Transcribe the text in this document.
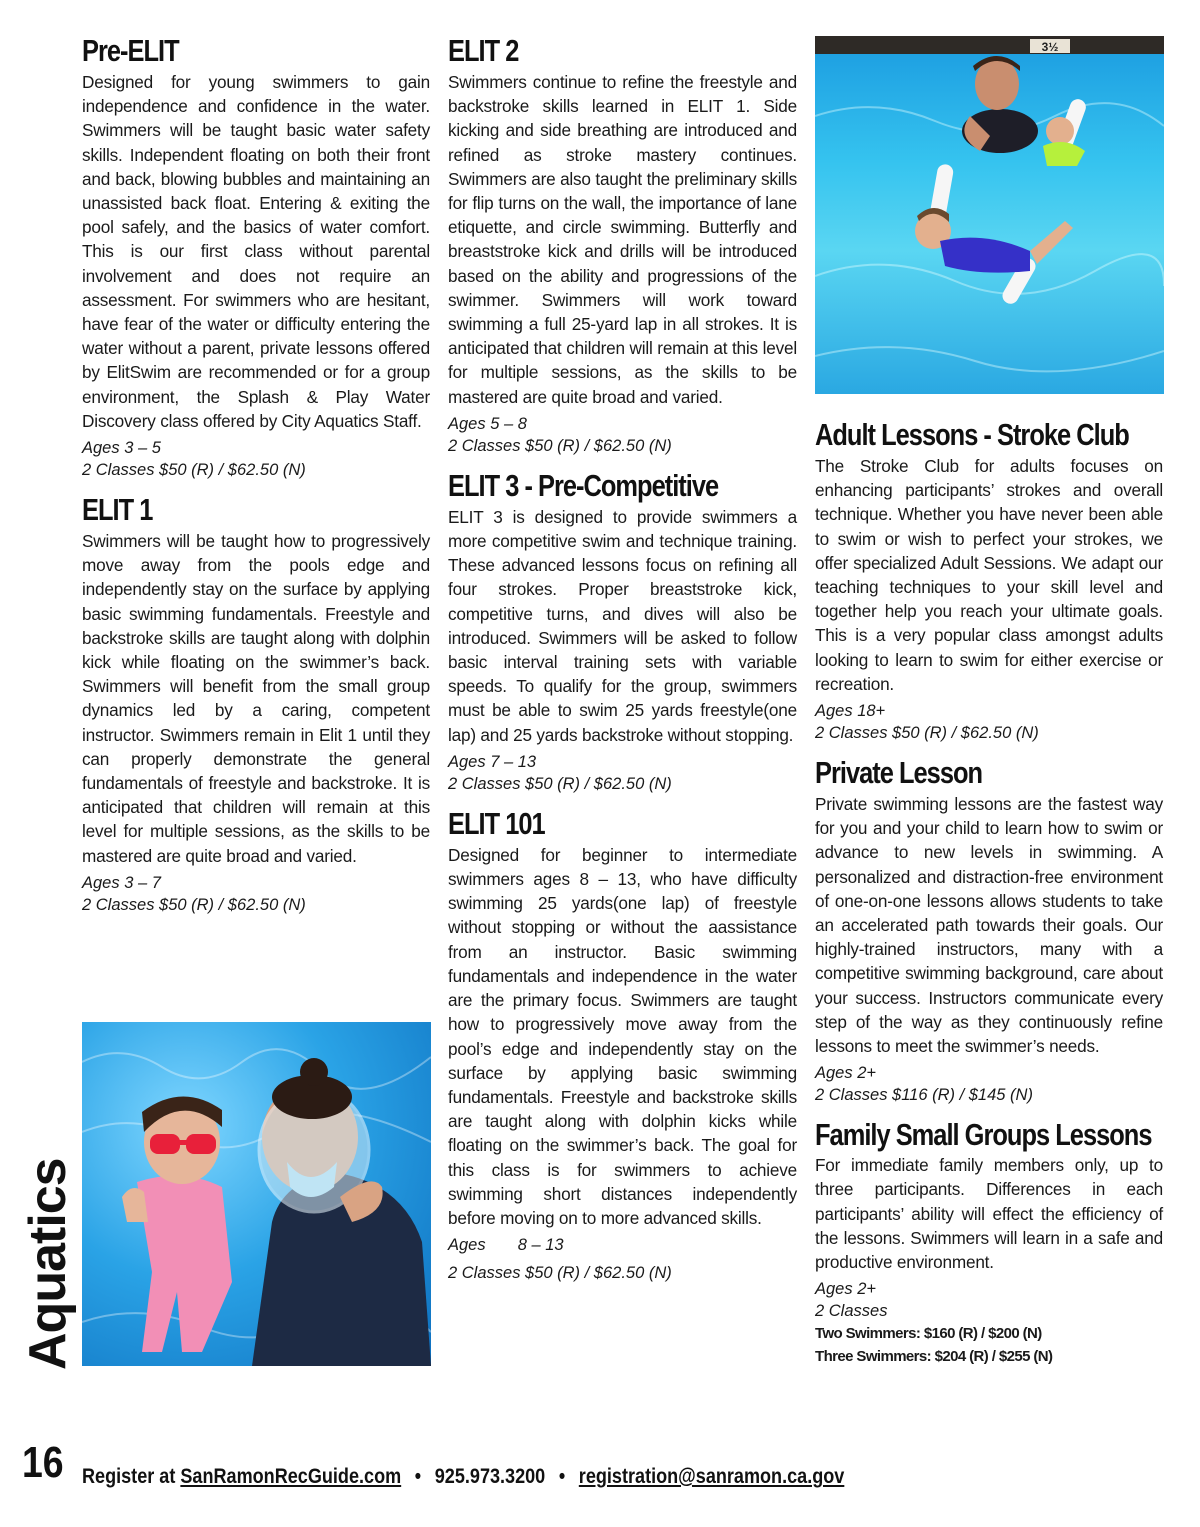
Pre-ELIT

Designed for young swimmers to gain independence and confidence in the water. Swimmers will be taught basic water safety skills. Independent floating on both their front and back, blowing bubbles and maintaining an unassisted back float. Entering & exiting the pool safely, and the basics of water comfort. This is our first class without parental involvement and does not require an assessment. For swimmers who are hesitant, have fear of the water or difficulty entering the water without a parent, private lessons offered by ElitSwim are recommended or for a group environment, the Splash & Play Water Discovery class offered by City Aquatics Staff.

Ages 3 – 5

2 Classes $50 (R) / $62.50 (N)

ELIT 1

Swimmers will be taught how to progressively move away from the pools edge and independently stay on the surface by applying basic swimming fundamentals. Freestyle and backstroke skills are taught along with dolphin kick while floating on the swimmer’s back. Swimmers will benefit from the small group dynamics led by a caring, competent instructor. Swimmers remain in Elit 1 until they can properly demonstrate the general fundamentals of freestyle and backstroke. It is anticipated that children will remain at this level for multiple sessions, as the skills to be mastered are quite broad and varied.

Ages 3 – 7

2 Classes $50 (R) / $62.50 (N)

ELIT 2

Swimmers continue to refine the freestyle and backstroke skills learned in ELIT 1. Side kicking and side breathing are introduced and refined as stroke mastery continues. Swimmers are also taught the preliminary skills for flip turns on the wall, the importance of lane etiquette, and circle swimming. Butterfly and breaststroke kick and drills will be introduced based on the ability and progressions of the swimmer. Swimmers will work toward swimming a full 25-yard lap in all strokes. It is anticipated that children will remain at this level for multiple sessions, as the skills to be mastered are quite broad and varied.

Ages 5 – 8

2 Classes $50 (R) / $62.50 (N)

ELIT 3 - Pre-Competitive

ELIT 3 is designed to provide swimmers a more competitive swim and technique training. These advanced lessons focus on refining all four strokes. Proper breaststroke kick, competitive turns, and dives will also be introduced. Swimmers will be asked to follow basic interval training sets with variable speeds. To qualify for the group, swimmers must be able to swim 25 yards freestyle(one lap) and 25 yards backstroke without stopping.

Ages 7 – 13

2 Classes $50 (R) / $62.50 (N)

ELIT 101

Designed for beginner to intermediate swimmers ages 8 – 13, who have difficulty swimming 25 yards(one lap) of freestyle without stopping or without the aassistance from an instructor. Basic swimming fundamentals and independence in the water are the primary focus. Swimmers are taught how to progressively move away from the pool’s edge and independently stay on the surface by applying basic swimming fundamentals. Freestyle and backstroke skills are taught along with dolphin kicks while floating on the swimmer’s back. The goal for this class is for swimmers to achieve swimming short distances independently before moving on to more advanced skills.

Ages       8 – 13

2 Classes $50 (R) / $62.50 (N)

3½
Adult Lessons - Stroke Club

The Stroke Club for adults focuses on enhancing participants’ strokes and overall technique. Whether you have never been able to swim or wish to perfect your strokes, we offer specialized Adult Sessions. We adapt our teaching techniques to your skill level and together help you reach your ultimate goals. This is a very popular class amongst adults looking to learn to swim for either exercise or recreation.

Ages 18+

2 Classes $50 (R) / $62.50 (N)

Private Lesson

Private swimming lessons are the fastest way for you and your child to learn how to swim or advance to new levels in swimming. A personalized and distraction-free environment of one-on-one lessons allows students to take an accelerated path towards their goals. Our highly-trained instructors, many with a competitive swimming background, care about your success. Instructors communicate every step of the way as they continuously refine lessons to meet the swimmer’s needs.

Ages 2+

2 Classes $116 (R) / $145 (N)

Family Small Groups Lessons

For immediate family members only, up to three participants. Differences in each participants’ ability will effect the efficiency of the lessons. Swimmers will learn in a safe and productive environment.

Ages 2+

2 Classes

Two Swimmers: $160 (R) / $200 (N)

Three Swimmers: $204 (R) / $255 (N)

Aquatics
16 Register at SanRamonRecGuide.com • 925.973.3200 • registration@sanramon.ca.gov
